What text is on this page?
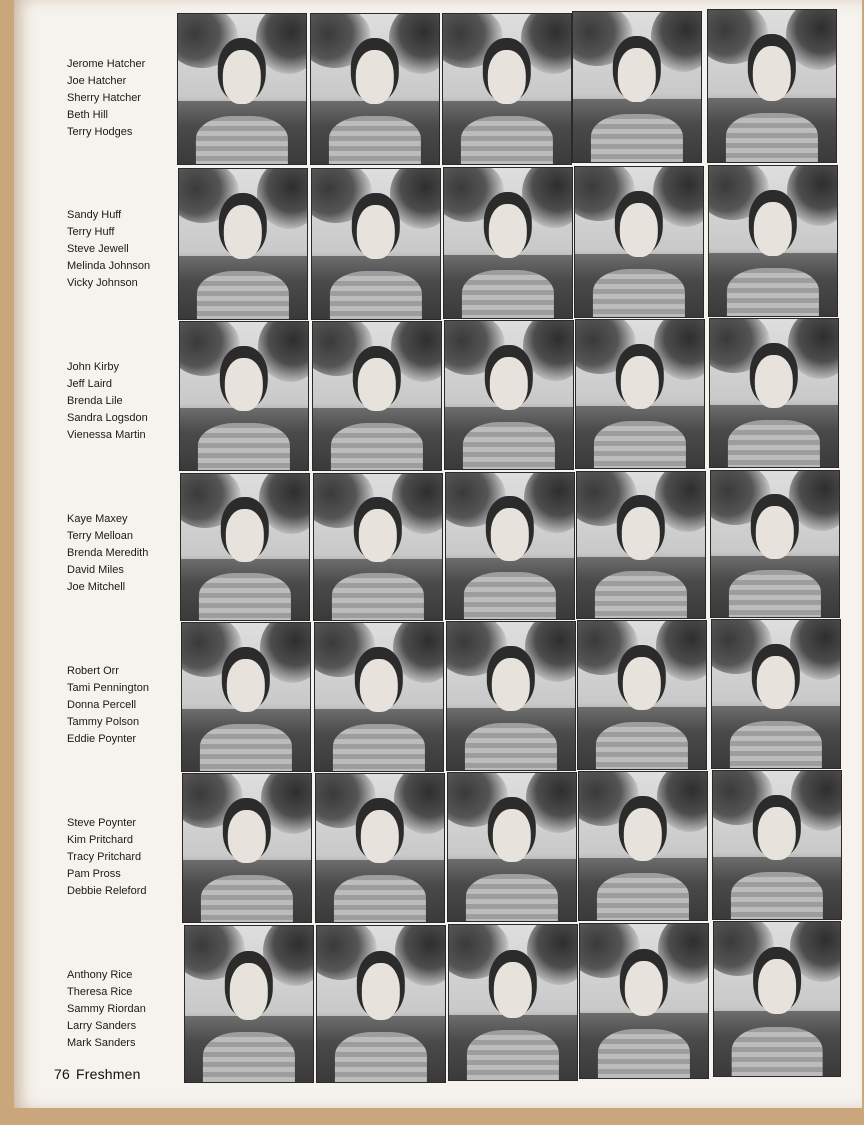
Jerome Hatcher
Joe Hatcher
Sherry Hatcher
Beth Hill
Terry Hodges
Sandy Huff
Terry Huff
Steve Jewell
Melinda Johnson
Vicky Johnson
John Kirby
Jeff Laird
Brenda Lile
Sandra Logsdon
Vienessa Martin
Kaye Maxey
Terry Melloan
Brenda Meredith
David Miles
Joe Mitchell
Robert Orr
Tami Pennington
Donna Percell
Tammy Polson
Eddie Poynter
Steve Poynter
Kim Pritchard
Tracy Pritchard
Pam Pross
Debbie Releford
Anthony Rice
Theresa Rice
Sammy Riordan
Larry Sanders
Mark Sanders
76 Freshmen
